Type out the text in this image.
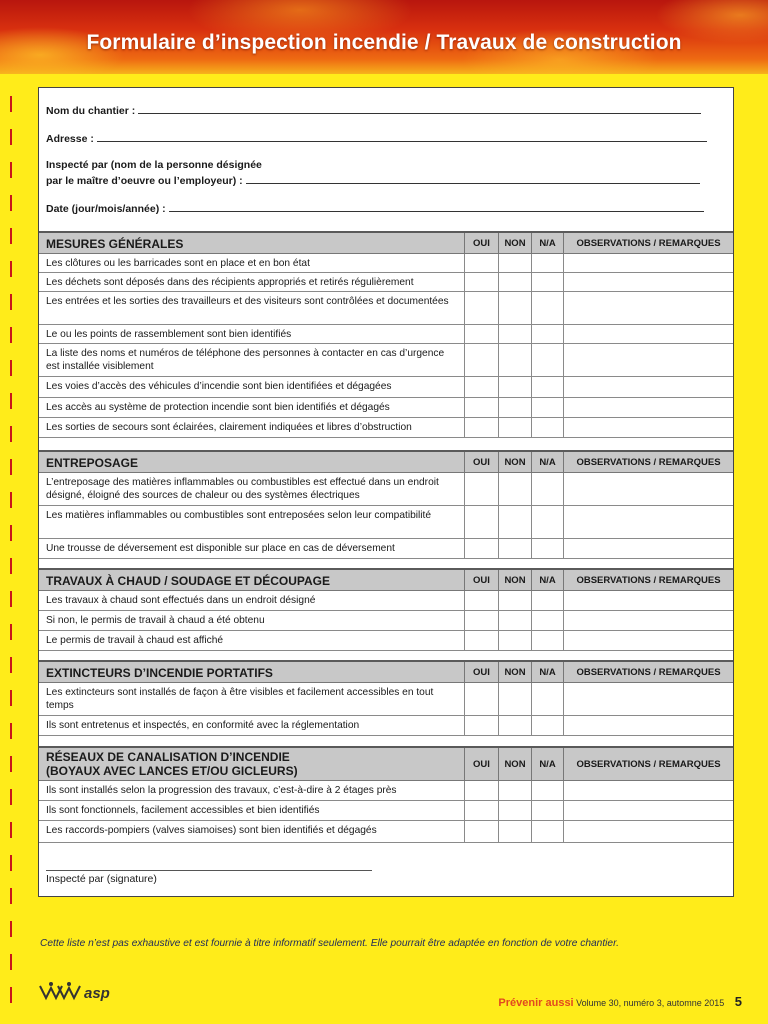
Formulaire d’inspection incendie / Travaux de construction
Nom du chantier :
Adresse :
Inspecté par (nom de la personne désignée
par le maître d’oeuvre ou l’employeur) :
Date (jour/mois/année) :
MESURES GÉNÉRALES	OUI	NON	N/A	OBSERVATIONS / REMARQUES
Les clôtures ou les barricades sont en place et en bon état
Les déchets sont déposés dans des récipients appropriés et retirés régulièrement
Les entrées et les sorties des travailleurs et des visiteurs sont contrôlées et documentées
Le ou les points de rassemblement sont bien identifiés
La liste des noms et numéros de téléphone des personnes à contacter en cas d’urgence est installée visiblement
Les voies d’accès des véhicules d’incendie sont bien identifiées et dégagées
Les accès au système de protection incendie sont bien identifiés et dégagés
Les sorties de secours sont éclairées, clairement indiquées et libres d’obstruction
ENTREPOSAGE	OUI	NON	N/A	OBSERVATIONS / REMARQUES
L’entreposage des matières inflammables ou combustibles est effectué dans un endroit désigné, éloigné des sources de chaleur ou des systèmes électriques
Les matières inflammables ou combustibles sont entreposées selon leur compatibilité
Une trousse de déversement est disponible sur place en cas de déversement
TRAVAUX À CHAUD / SOUDAGE ET DÉCOUPAGE	OUI	NON	N/A	OBSERVATIONS / REMARQUES
Les travaux à chaud sont effectués dans un endroit désigné
Si non, le permis de travail à chaud a été obtenu
Le permis de travail à chaud est affiché
EXTINCTEURS D’INCENDIE PORTATIFS	OUI	NON	N/A	OBSERVATIONS / REMARQUES
Les extincteurs sont installés de façon à être visibles et facilement accessibles en tout temps
Ils sont entretenus et inspectés, en conformité avec la réglementation
RÉSEAUX DE CANALISATION D’INCENDIE
(BOYAUX AVEC LANCES ET/OU GICLEURS)	OUI	NON	N/A	OBSERVATIONS / REMARQUES
Ils sont installés selon la progression des travaux, c’est-à-dire à 2 étages près
Ils sont fonctionnels, facilement accessibles et bien identifiés
Les raccords-pompiers (valves siamoises) sont bien identifiés et dégagés
Inspecté par (signature)
Cette liste n’est pas exhaustive et est fournie à titre informatif seulement. Elle pourrait être adaptée en fonction de votre chantier.
asp
Prévenir aussi Volume 30, numéro 3, automne 2015 5
